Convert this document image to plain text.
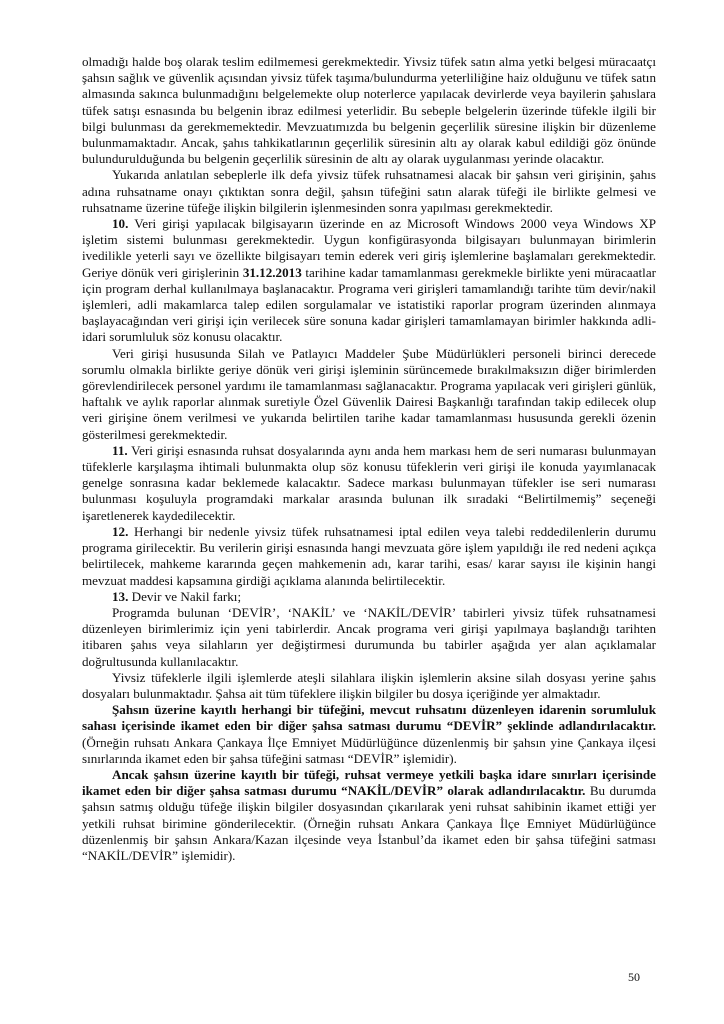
olmadığı halde boş olarak teslim edilmemesi gerekmektedir. Yivsiz tüfek satın alma yetki belgesi müracaatçı şahsın sağlık ve güvenlik açısından yivsiz tüfek taşıma/bulundurma yeterliliğine haiz olduğunu ve tüfek satın almasında sakınca bulunmadığını belgelemekte olup noterlerce yapılacak devirlerde veya bayilerin şahıslara tüfek satışı esnasında bu belgenin ibraz edilmesi yeterlidir. Bu sebeple belgelerin üzerinde tüfekle ilgili bir bilgi bulunması da gerekmemektedir. Mevzuatımızda bu belgenin geçerlilik süresine ilişkin bir düzenleme bulunmamaktadır. Ancak, şahıs tahkikatlarının geçerlilik süresinin altı ay olarak kabul edildiği göz önünde bulundurulduğunda bu belgenin geçerlilik süresinin de altı ay olarak uygulanması yerinde olacaktır.

Yukarıda anlatılan sebeplerle ilk defa yivsiz tüfek ruhsatnamesi alacak bir şahsın veri girişinin, şahıs adına ruhsatname onayı çıktıktan sonra değil, şahsın tüfeğini satın alarak tüfeği ile birlikte gelmesi ve ruhsatname üzerine tüfeğe ilişkin bilgilerin işlenmesinden sonra yapılması gerekmektedir.

10. Veri girişi yapılacak bilgisayarın üzerinde en az Microsoft Windows 2000 veya Windows XP işletim sistemi bulunması gerekmektedir. Uygun konfigürasyonda bilgisayarı bulunmayan birimlerin ivedilikle yeterli sayı ve özellikte bilgisayarı temin ederek veri giriş işlemlerine başlamaları gerekmektedir. Geriye dönük veri girişlerinin 31.12.2013 tarihine kadar tamamlanması gerekmekle birlikte yeni müracaatlar için program derhal kullanılmaya başlanacaktır. Programa veri girişleri tamamlandığı tarihte tüm devir/nakil işlemleri, adli makamlarca talep edilen sorgulamalar ve istatistiki raporlar program üzerinden alınmaya başlayacağından veri girişi için verilecek süre sonuna kadar girişleri tamamlamayan birimler hakkında adli-idari sorumluluk söz konusu olacaktır.

Veri girişi hususunda Silah ve Patlayıcı Maddeler Şube Müdürlükleri personeli birinci derecede sorumlu olmakla birlikte geriye dönük veri girişi işleminin sürüncemede bırakılmaksızın diğer birimlerden görevlendirilecek personel yardımı ile tamamlanması sağlanacaktır. Programa yapılacak veri girişleri günlük, haftalık ve aylık raporlar alınmak suretiyle Özel Güvenlik Dairesi Başkanlığı tarafından takip edilecek olup veri girişine önem verilmesi ve yukarıda belirtilen tarihe kadar tamamlanması hususunda gerekli özenin gösterilmesi gerekmektedir.

11. Veri girişi esnasında ruhsat dosyalarında aynı anda hem markası hem de seri numarası bulunmayan tüfeklerle karşılaşma ihtimali bulunmakta olup söz konusu tüfeklerin veri girişi ile konuda yayımlanacak genelge sonrasına kadar beklemede kalacaktır. Sadece markası bulunmayan tüfekler ise seri numarası bulunması koşuluyla programdaki markalar arasında bulunan ilk sıradaki “Belirtilmemiş” seçeneği işaretlenerek kaydedilecektir.

12. Herhangi bir nedenle yivsiz tüfek ruhsatnamesi iptal edilen veya talebi reddedilenlerin durumu programa girilecektir. Bu verilerin girişi esnasında hangi mevzuata göre işlem yapıldığı ile red nedeni açıkça belirtilecek, mahkeme kararında geçen mahkemenin adı, karar tarihi, esas/ karar sayısı ile kişinin hangi mevzuat maddesi kapsamına girdiği açıklama alanında belirtilecektir.

13. Devir ve Nakil farkı;

Programda bulunan ‘DEVİR’, ‘NAKİL’ ve ‘NAKİL/DEVİR’ tabirleri yivsiz tüfek ruhsatnamesi düzenleyen birimlerimiz için yeni tabirlerdir. Ancak programa veri girişi yapılmaya başlandığı tarihten itibaren şahıs veya silahların yer değiştirmesi durumunda bu tabirler aşağıda yer alan açıklamalar doğrultusunda kullanılacaktır.

Yivsiz tüfeklerle ilgili işlemlerde ateşli silahlara ilişkin işlemlerin aksine silah dosyası yerine şahıs dosyaları bulunmaktadır. Şahsa ait tüm tüfeklere ilişkin bilgiler bu dosya içeriğinde yer almaktadır.

Şahsın üzerine kayıtlı herhangi bir tüfeğini, mevcut ruhsatını düzenleyen idarenin sorumluluk sahası içerisinde ikamet eden bir diğer şahsa satması durumu “DEVİR” şeklinde adlandırılacaktır. (Örneğin ruhsatı Ankara Çankaya İlçe Emniyet Müdürlüğünce düzenlenmiş bir şahsın yine Çankaya ilçesi sınırlarında ikamet eden bir şahsa tüfeğini satması “DEVİR” işlemidir).

Ancak şahsın üzerine kayıtlı bir tüfeği, ruhsat vermeye yetkili başka idare sınırları içerisinde ikamet eden bir diğer şahsa satması durumu “NAKİL/DEVİR” olarak adlandırılacaktır. Bu durumda şahsın satmış olduğu tüfeğe ilişkin bilgiler dosyasından çıkarılarak yeni ruhsat sahibinin ikamet ettiği yer yetkili ruhsat birimine gönderilecektir. (Örneğin ruhsatı Ankara Çankaya İlçe Emniyet Müdürlüğünce düzenlenmiş bir şahsın Ankara/Kazan ilçesinde veya İstanbul’da ikamet eden bir şahsa tüfeğini satması “NAKİL/DEVİR” işlemidir).

50
